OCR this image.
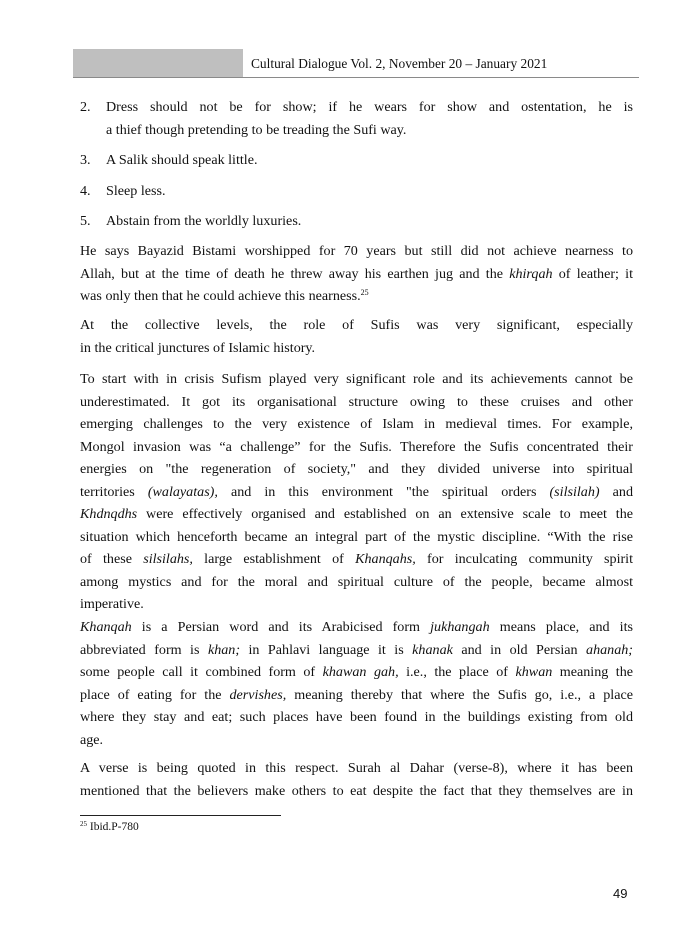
Cultural Dialogue Vol. 2, November 20 – January 2021
2. Dress should not be for show; if he wears for show and ostentation, he is
a thief though pretending to be treading the Sufi way.
3. A Salik should speak little.
4. Sleep less.
5. Abstain from the worldly luxuries.
He says Bayazid Bistami worshipped for 70 years but still did not achieve nearness to
Allah, but at the time of death he threw away his earthen jug and the khirqah of leather; it
was only then that he could achieve this nearness.$^{25}$
At the collective levels, the role of Sufis was very significant, especially
in the critical junctures of Islamic history.
To start with in crisis Sufism played very significant role and its achievements cannot be
underestimated. It got its organisational structure owing to these cruises and other
emerging challenges to the very existence of Islam in medieval times. For example,
Mongol invasion was “a challenge” for the Sufis. Therefore the Sufis concentrated their
energies on "the regeneration of society," and they divided universe into spiritual
territories (walayatas), and in this environment "the spiritual orders (silsilah) and
Khdnqdhs were effectively organised and established on an extensive scale to meet the
situation which henceforth became an integral part of the mystic discipline. “With the rise
of these silsilahs, large establishment of Khanqahs, for inculcating community spirit
among mystics and for the moral and spiritual culture of the people, became almost
imperative.
Khanqah is a Persian word and its Arabicised form jukhangah means place, and its
abbreviated form is khan; in Pahlavi language it is khanak and in old Persian ahanah;
some people call it combined form of khawan gah, i.e., the place of khwan meaning the
place of eating for the dervishes, meaning thereby that where the Sufis go, i.e., a place
where they stay and eat; such places have been found in the buildings existing from old
age.
A verse is being quoted in this respect. Surah al Dahar (verse-8), where it has been
mentioned that the believers make others to eat despite the fact that they themselves are in
$^{25}$ Ibid.P-780
49
